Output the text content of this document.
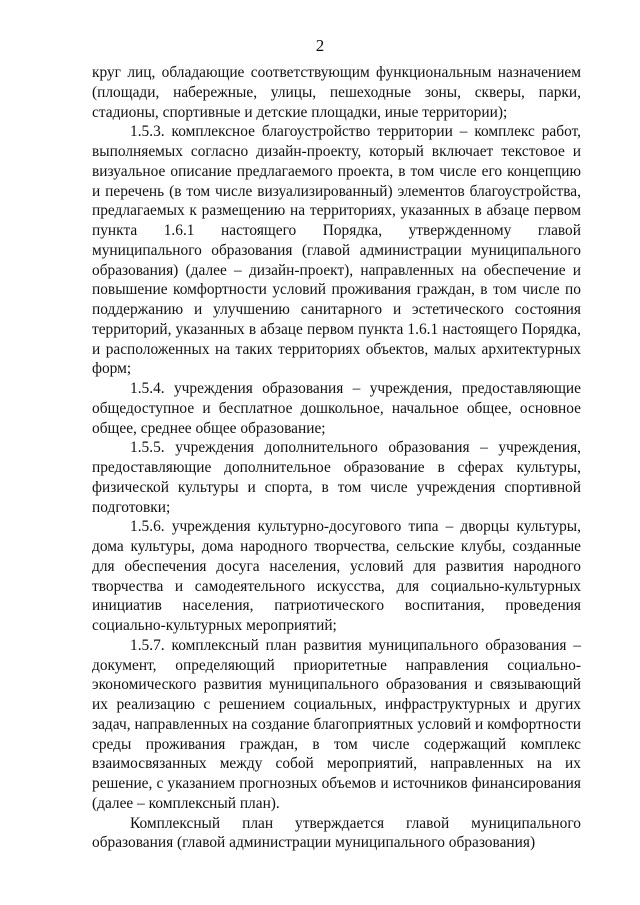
2

круг лиц, обладающие соответствующим функциональным назначением (площади, набережные, улицы, пешеходные зоны, скверы, парки, стадионы, спортивные и детские площадки, иные территории);

1.5.3. комплексное благоустройство территории – комплекс работ, выполняемых согласно дизайн-проекту, который включает текстовое и визуальное описание предлагаемого проекта, в том числе его концепцию и перечень (в том числе визуализированный) элементов благоустройства, предлагаемых к размещению на территориях, указанных в абзаце первом пункта 1.6.1 настоящего Порядка, утвержденному главой муниципального образования (главой администрации муниципального образования) (далее – дизайн-проект), направленных на обеспечение и повышение комфортности условий проживания граждан, в том числе по поддержанию и улучшению санитарного и эстетического состояния территорий, указанных в абзаце первом пункта 1.6.1 настоящего Порядка, и расположенных на таких территориях объектов, малых архитектурных форм;

1.5.4. учреждения образования – учреждения, предоставляющие общедоступное и бесплатное дошкольное, начальное общее, основное общее, среднее общее образование;

1.5.5. учреждения дополнительного образования – учреждения, предоставляющие дополнительное образование в сферах культуры, физической культуры и спорта, в том числе учреждения спортивной подготовки;

1.5.6. учреждения культурно-досугового типа – дворцы культуры, дома культуры, дома народного творчества, сельские клубы, созданные для обеспечения досуга населения, условий для развития народного творчества и самодеятельного искусства, для социально-культурных инициатив населения, патриотического воспитания, проведения социально-культурных мероприятий;

1.5.7. комплексный план развития муниципального образования – документ, определяющий приоритетные направления социально-экономического развития муниципального образования и связывающий их реализацию с решением социальных, инфраструктурных и других задач, направленных на создание благоприятных условий и комфортности среды проживания граждан, в том числе содержащий комплекс взаимосвязанных между собой мероприятий, направленных на их решение, с указанием прогнозных объемов и источников финансирования (далее – комплексный план).

Комплексный план утверждается главой муниципального образования (главой администрации муниципального образования)
